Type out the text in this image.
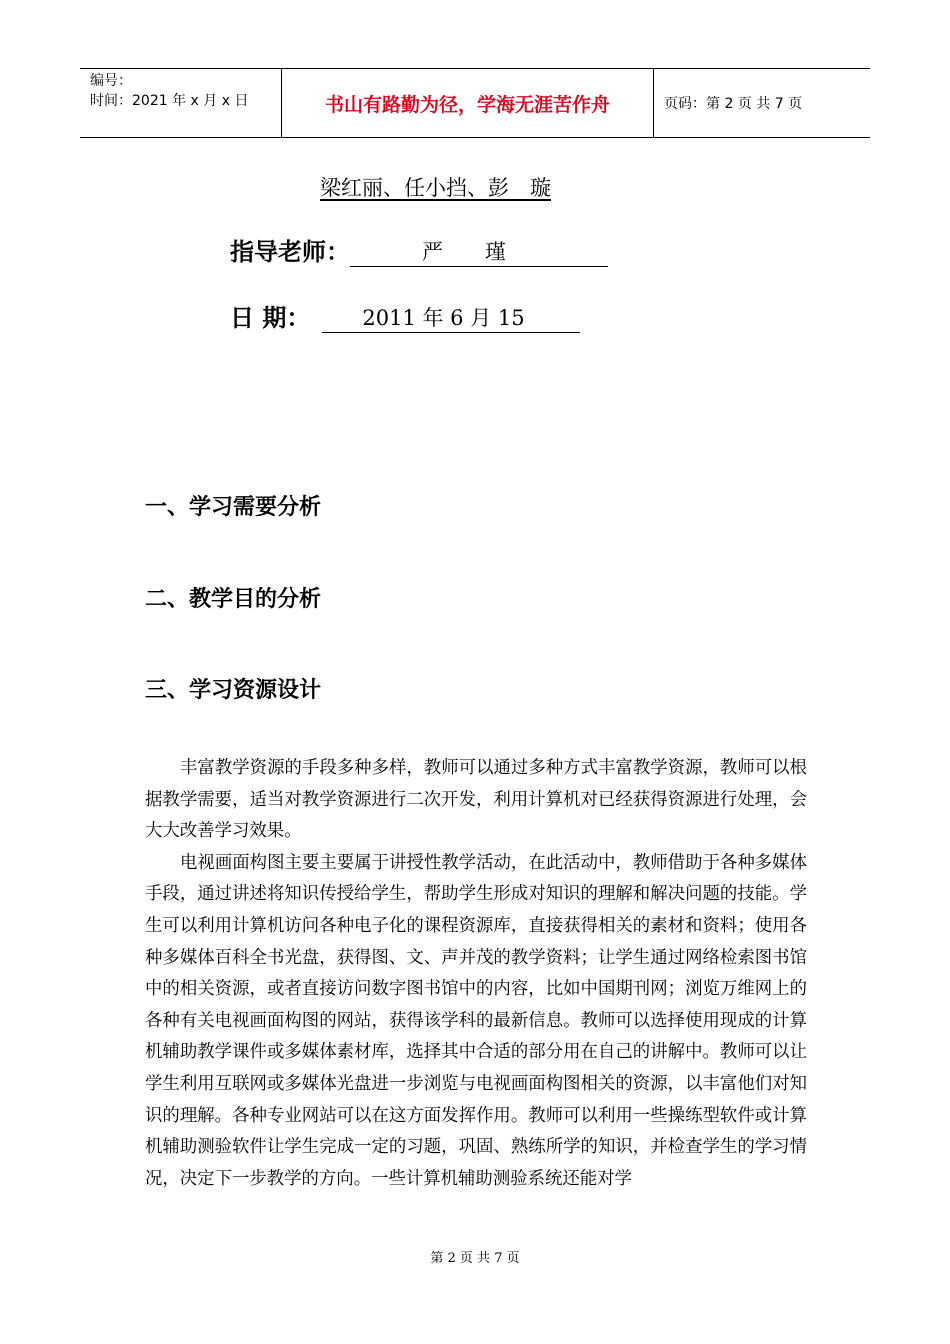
编号：
时间：2021 年 x 月 x 日	书山有路勤为径，学海无涯苦作舟	页码：第 2 页 共 7 页
梁红丽、任小挡、彭　璇
指导老师：	严　　瑾
日 期：	2011 年 6 月 15
一、学习需要分析
二、教学目的分析
三、学习资源设计

丰富教学资源的手段多种多样，教师可以通过多种方式丰富教学资源，教师可以根据教学需要，适当对教学资源进行二次开发，利用计算机对已经获得资源进行处理，会大大改善学习效果。

电视画面构图主要主要属于讲授性教学活动，在此活动中，教师借助于各种多媒体手段，通过讲述将知识传授给学生，帮助学生形成对知识的理解和解决问题的技能。学生可以利用计算机访问各种电子化的课程资源库，直接获得相关的素材和资料；使用各种多媒体百科全书光盘，获得图、文、声并茂的教学资料；让学生通过网络检索图书馆中的相关资源，或者直接访问数字图书馆中的内容，比如中国期刊网；浏览万维网上的各种有关电视画面构图的网站，获得该学科的最新信息。教师可以选择使用现成的计算机辅助教学课件或多媒体素材库，选择其中合适的部分用在自己的讲解中。教师可以让学生利用互联网或多媒体光盘进一步浏览与电视画面构图相关的资源，以丰富他们对知识的理解。各种专业网站可以在这方面发挥作用。教师可以利用一些操练型软件或计算机辅助测验软件让学生完成一定的习题，巩固、熟练所学的知识，并检查学生的学习情况，决定下一步教学的方向。一些计算机辅助测验系统还能对学

第 2 页 共 7 页
